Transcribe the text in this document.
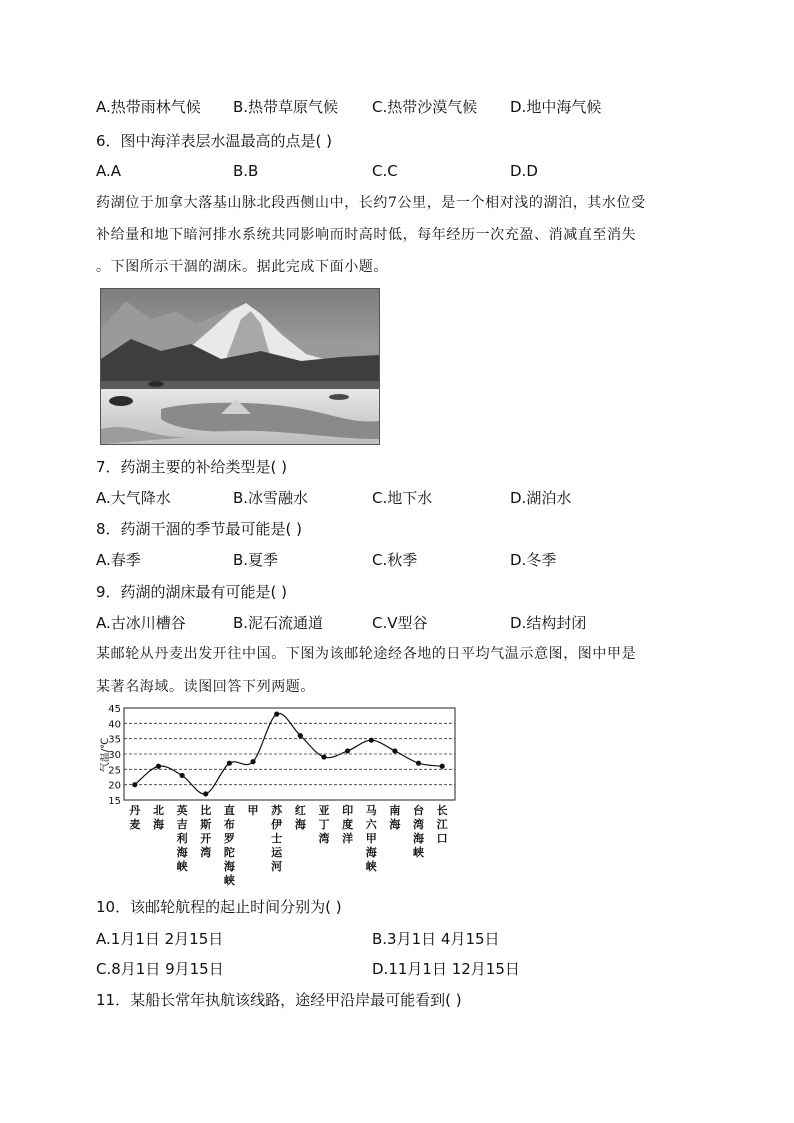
A.热带雨林气候 B.热带草原气候 C.热带沙漠气候 D.地中海气候
6．图中海洋表层水温最高的点是( )
A.A	B.B	C.C	D.D
药湖位于加拿大落基山脉北段西侧山中，长约7公里，是一个相对浅的湖泊，其水位受
补给量和地下暗河排水系统共同影响而时高时低，每年经历一次充盈、消减直至消失
。下图所示干涸的湖床。据此完成下面小题。
7．药湖主要的补给类型是( )
A.大气降水	B.冰雪融水	C.地下水	D.湖泊水
8．药湖干涸的季节最可能是( )
A.春季	B.夏季	C.秋季	D.冬季
9．药湖的湖床最有可能是( )
A.古冰川槽谷	B.泥石流通道	C.V型谷	D.结构封闭
某邮轮从丹麦出发开往中国。下图为该邮轮途经各地的日平均气温示意图，图中甲是
某著名海域。读图回答下列两题。
15
20
25
30
35
40
45
气温/℃
丹
麦
北
海
英
吉
利
海
峡
比
斯
开
湾
直
布
罗
陀
海
峡
甲 苏
伊
士
运
河
红
海
亚
丁
湾
印
度
洋
马
六
甲
海
峡
南
海
台
湾
海
峡
长
江
口
10．该邮轮航程的起止时间分别为( )
A.1月1日 2月15日	B.3月1日 4月15日
C.8月1日 9月15日	D.11月1日 12月15日
11．某船长常年执航该线路，途经甲沿岸最可能看到( )
